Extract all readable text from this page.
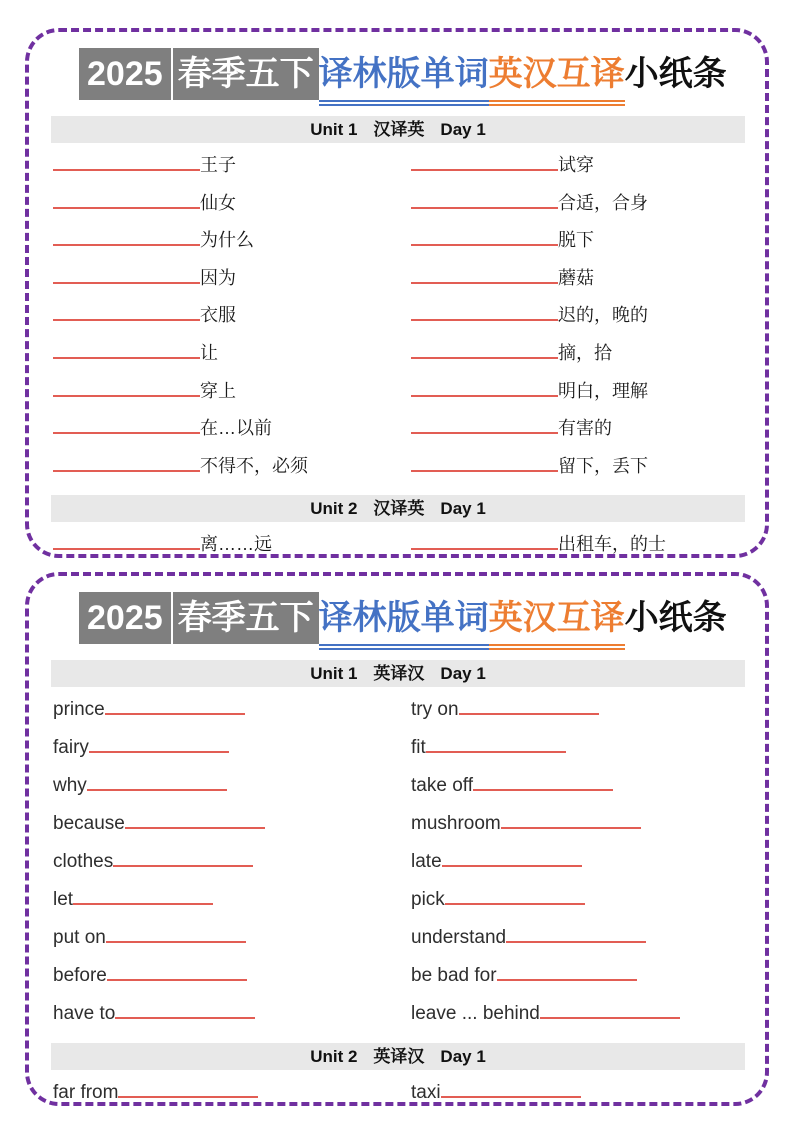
2025 春季五下 译林版单词英汉互译小纸条
Unit 1 汉译英 Day 1
王子	试穿
仙女	合适，合身
为什么	脱下
因为	蘑菇
衣服	迟的，晚的
让	摘，拾
穿上	明白，理解
在…以前	有害的
不得不，必须	留下，丢下
Unit 2 汉译英 Day 1
离……远	出租车，的士
2025 春季五下 译林版单词英汉互译小纸条
Unit 1 英译汉 Day 1
prince	try on
fairy	fit
why	take off
because	mushroom
clothes	late
let	pick
put on	understand
before	be bad for
have to	leave ... behind
Unit 2 英译汉 Day 1
far from	taxi
